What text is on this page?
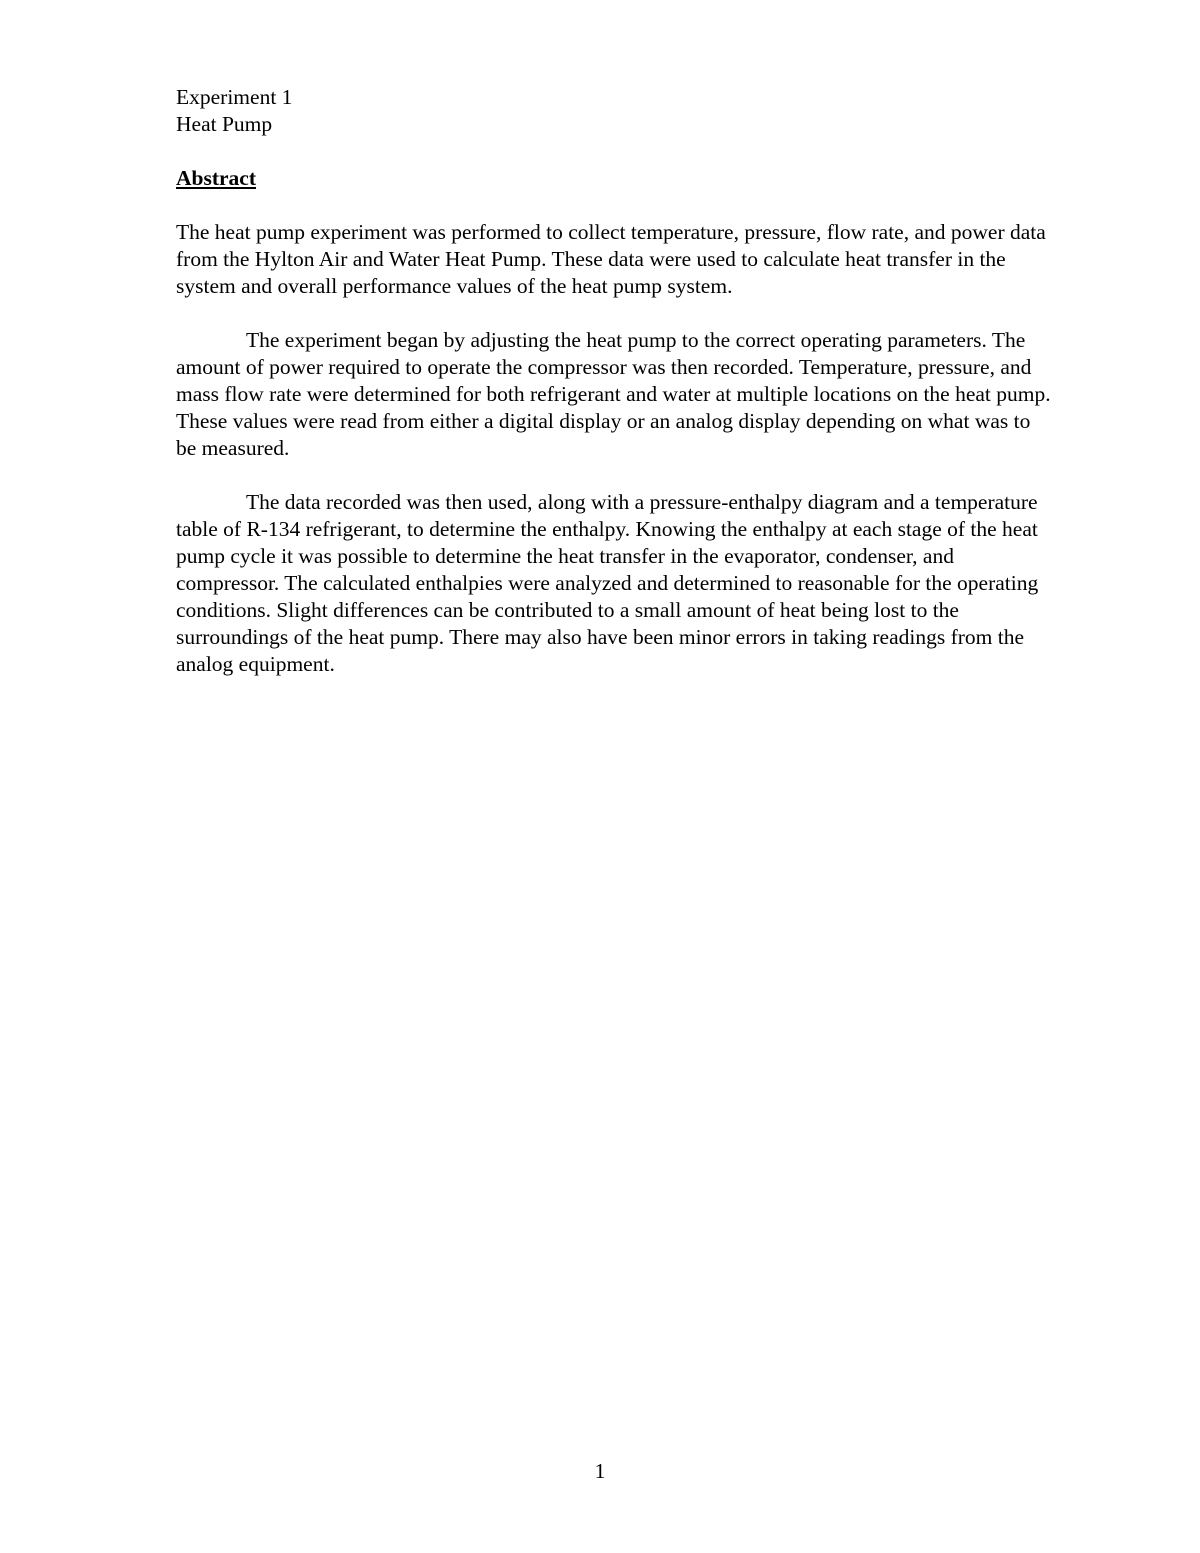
Experiment 1

Heat Pump

Abstract

The heat pump experiment was performed to collect temperature, pressure, flow rate, and power data from the Hylton Air and Water Heat Pump. These data were used to calculate heat transfer in the system and overall performance values of the heat pump system.

The experiment began by adjusting the heat pump to the correct operating parameters. The amount of power required to operate the compressor was then recorded. Temperature, pressure, and mass flow rate were determined for both refrigerant and water at multiple locations on the heat pump. These values were read from either a digital display or an analog display depending on what was to be measured.

The data recorded was then used, along with a pressure-enthalpy diagram and a temperature table of R-134 refrigerant, to determine the enthalpy. Knowing the enthalpy at each stage of the heat pump cycle it was possible to determine the heat transfer in the evaporator, condenser, and compressor. The calculated enthalpies were analyzed and determined to reasonable for the operating conditions. Slight differences can be contributed to a small amount of heat being lost to the surroundings of the heat pump. There may also have been minor errors in taking readings from the analog equipment.

1
